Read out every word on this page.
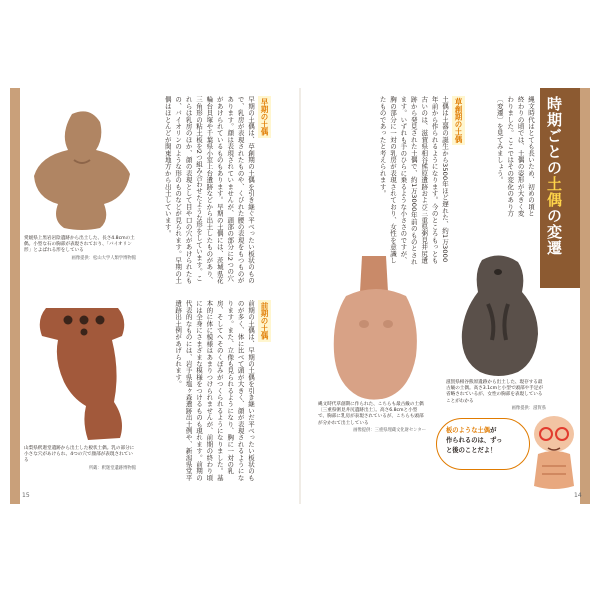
時期ごとの土偶の変遷
縄文時代はとても長いため、初めの頃と終わりの頃では、土偶の姿形が大きく変わりました。ここではその変化のあり方〔変遷〕を見てみましょう。
草創期の土偶
土偶は土器の誕生から3500年ほど遅れた、約1万3000年前から作られるようになります。今のところもっとも古いのは、滋賀県相谷熊原遺跡および三重県粥見井尻遺跡から発見された土偶で、約1万3000年前のものとされます。いずれも手のひらに乗るような小ささのですが、胸の部分に一対の乳房が表現されており、女性を意識したものであったと考えられます。
滋賀県相谷熊原遺跡から出土した、現存する最古級の土偶。高さ3.1cmと小型で頭部や手足が省略されているが、女性の胸部を表現していることがわかる
画像提供：滋賀県
縄文時代草創期に作られた、こちらも最古級の土偶〔三重県粥見井尻遺跡出土〕。高さ6.8cmと小型で、胸部に乳房が表現されているが、こちらも頭部が分かれて出土している
画像提供：三重県埋蔵文化財センター	板のような土偶が
作られるのは、ずっ
と後のことだよ！
14
早期の土偶
早期の土偶は、草創期の土偶を引き継ぐ平べったい板状のもので、乳房が表現されたものや、くびれた腰の表現をもつものがあります。顔は表現されていませんが、頭部の部分に2つの穴があけられているものもあります。早期の土偶には、茨城県花輪台貝塚や千葉県小室上台遺跡などから出土したものがあり、三角形の粘土板を2つ組み合わせたような形をしています。これらは乳房のほか、顔の表現として目や口の穴があけられたもの、バイオリンのような形のものなどが見られます。早期の土偶はほとんどが関東地方から出土しています。
前期の土偶
前期の土偶は、早期の土偶を引き継いだ平べったい板状のものが多く、体に比べて頭が大きく、顔が表現されるようになります。また、立像も見られるようになり、胸に一対の乳房、そしてへそのくぼみがつくられるようになりました。基本的に体に模様はあまりつけられませんが、前期の終わり頃には全身にさまざまな模様をつけるものも現れます。前期の代表的なものには、岩手県塩ヶ森遺跡出土例や、新潟県堂平遺跡出土例があげられます。
愛媛県上黒岩岩陰遺跡から出土した、長さ4.8cmの土偶。小型な石の胸部が表現されており、「バイオリン形」とよばれる形をしている
画像提供：松山大学人類学博物館
山梨県釈迦堂遺跡から出土した板状土偶。乳の部分に小さな穴があけられ、4つの穴で顔部が表現されている
所蔵：釈迦堂遺跡博物館
15
